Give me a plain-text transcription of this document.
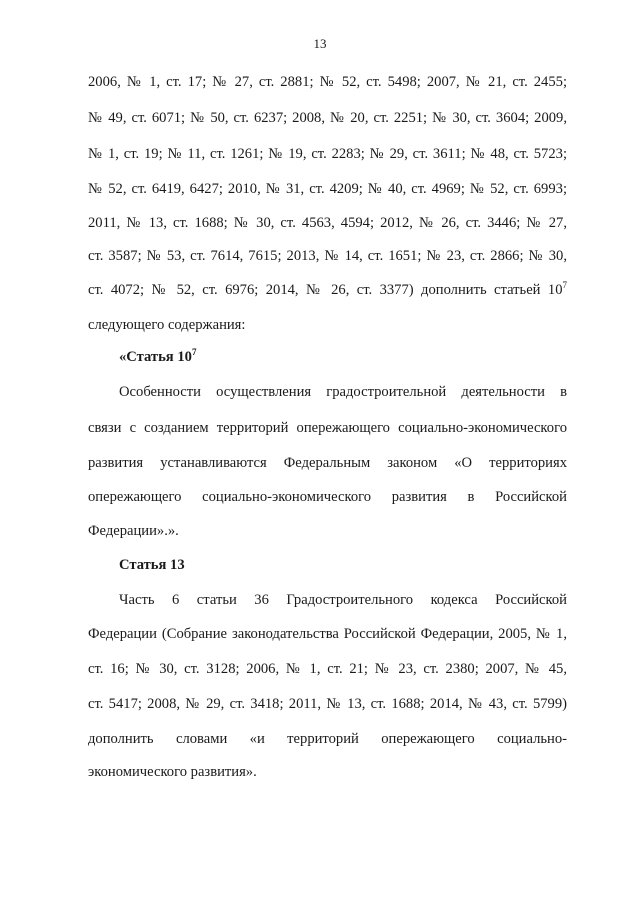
13
2006, № 1, ст. 17; № 27, ст. 2881; № 52, ст. 5498; 2007, № 21, ст. 2455;
№ 49, ст. 6071; № 50, ст. 6237; 2008, № 20, ст. 2251; № 30, ст. 3604; 2009,
№ 1, ст. 19; № 11, ст. 1261; № 19, ст. 2283; № 29, ст. 3611; № 48, ст. 5723;
№ 52, ст. 6419, 6427; 2010, № 31, ст. 4209; № 40, ст. 4969; № 52, ст. 6993;
2011, № 13, ст. 1688; № 30, ст. 4563, 4594; 2012, № 26, ст. 3446; № 27,
ст. 3587; № 53, ст. 7614, 7615; 2013, № 14, ст. 1651; № 23, ст. 2866; № 30,
ст. 4072; № 52, ст. 6976; 2014, № 26, ст. 3377) дополнить статьей $10^7$
следующего содержания:
«Статья $10^7$
Особенности осуществления градостроительной деятельности в
связи с созданием территорий опережающего социально-экономического
развития устанавливаются Федеральным законом «О территориях
опережающего социально-экономического развития в Российской
Федерации».».
Статья 13
Часть 6 статьи 36 Градостроительного кодекса Российской
Федерации (Собрание законодательства Российской Федерации, 2005, № 1,
ст. 16; № 30, ст. 3128; 2006, № 1, ст. 21; № 23, ст. 2380; 2007, № 45,
ст. 5417; 2008, № 29, ст. 3418; 2011, № 13, ст. 1688; 2014, № 43, ст. 5799)
дополнить словами «и территорий опережающего социально-
экономического развития».
